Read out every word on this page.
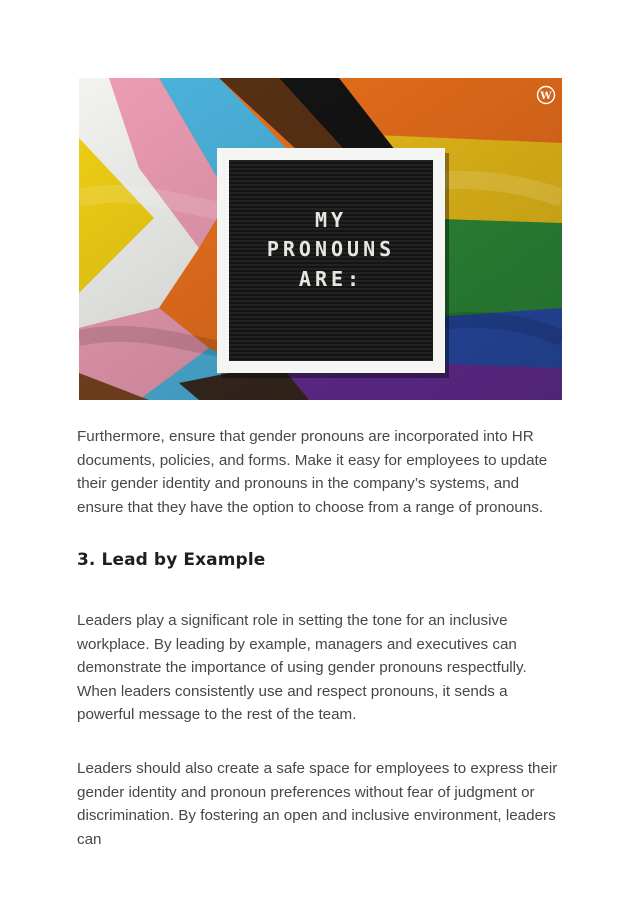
MY
PRONOUNS
ARE:
W

Furthermore, ensure that gender pronouns are incorporated into HR documents, policies, and forms. Make it easy for employees to update their gender identity and pronouns in the company’s systems, and ensure that they have the option to choose from a range of pronouns.

3. Lead by Example

Leaders play a significant role in setting the tone for an inclusive workplace. By leading by example, managers and executives can demonstrate the importance of using gender pronouns respectfully. When leaders consistently use and respect pronouns, it sends a powerful message to the rest of the team.

Leaders should also create a safe space for employees to express their gender identity and pronoun preferences without fear of judgment or discrimination. By fostering an open and inclusive environment, leaders can
